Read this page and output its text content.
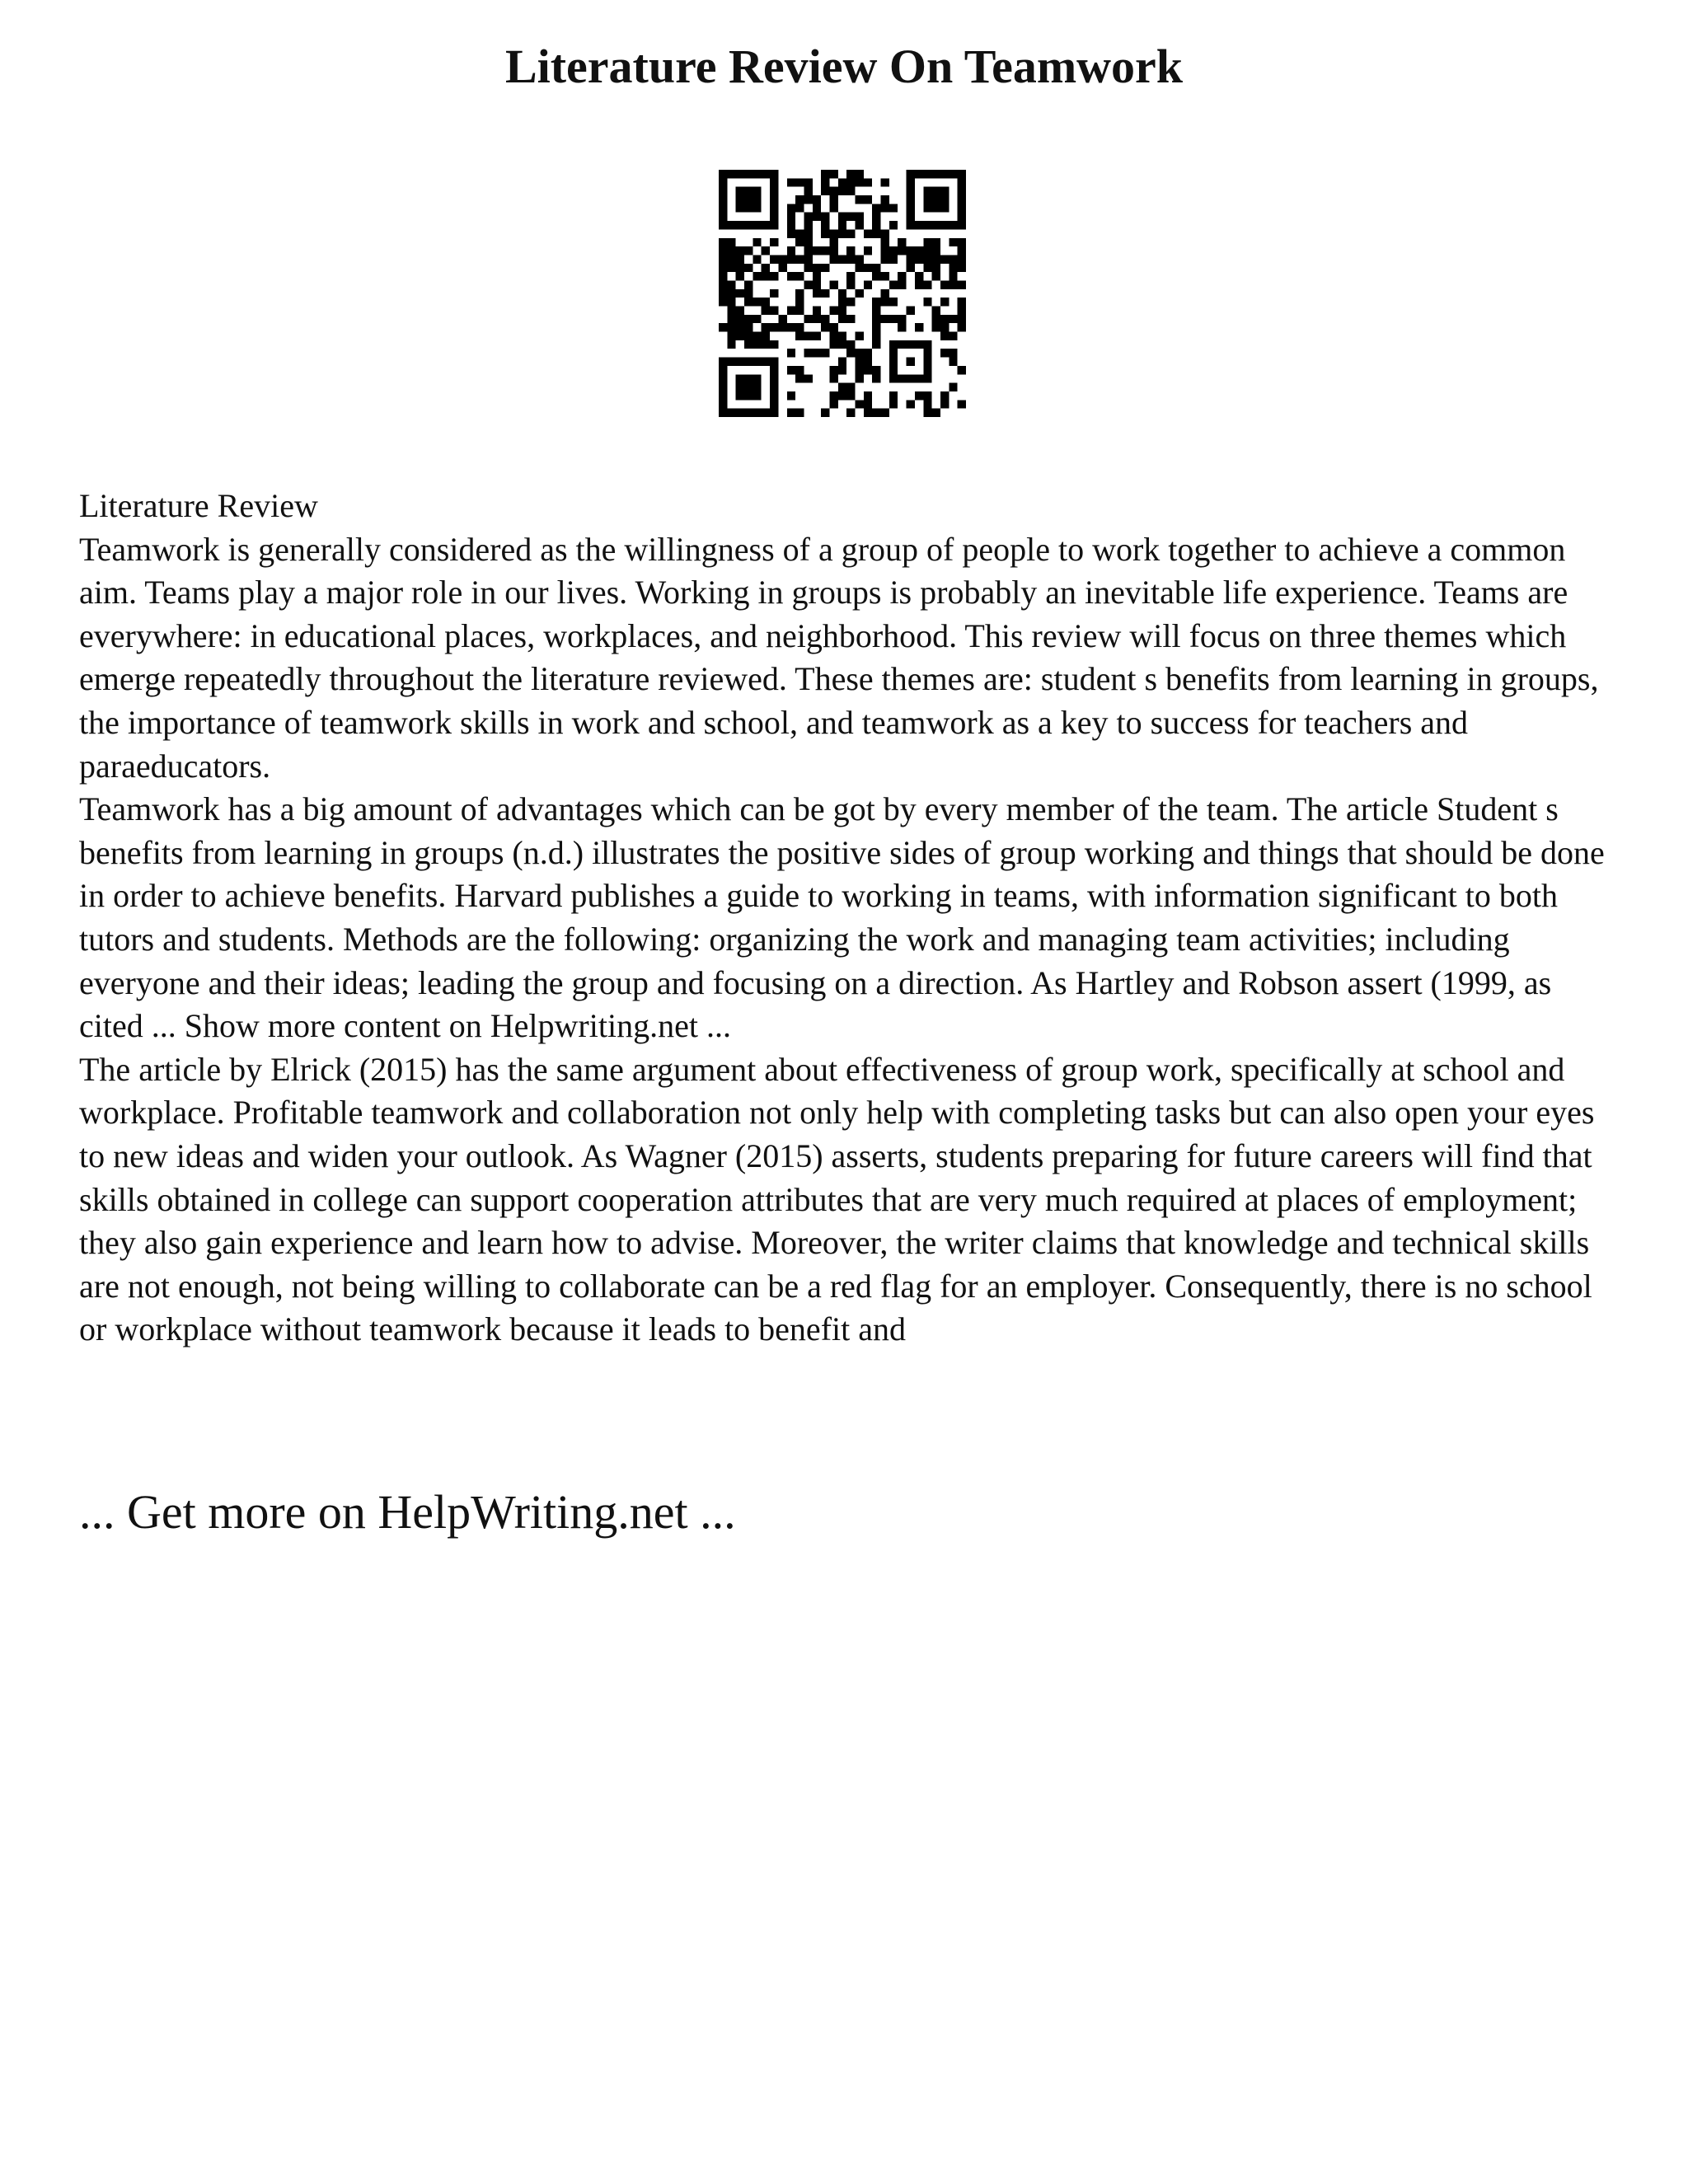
Literature Review On Teamwork

Literature Review

Teamwork is generally considered as the willingness of a group of people to work together to achieve a common aim. Teams play a major role in our lives. Working in groups is probably an inevitable life experience. Teams are everywhere: in educational places, workplaces, and neighborhood. This review will focus on three themes which emerge repeatedly throughout the literature reviewed. These themes are: student s benefits from learning in groups, the importance of teamwork skills in work and school, and teamwork as a key to success for teachers and paraeducators.

Teamwork has a big amount of advantages which can be got by every member of the team. The article Student s benefits from learning in groups (n.d.) illustrates the positive sides of group working and things that should be done in order to achieve benefits. Harvard publishes a guide to working in teams, with information significant to both tutors and students. Methods are the following: organizing the work and managing team activities; including everyone and their ideas; leading the group and focusing on a direction. As Hartley and Robson assert (1999, as cited ... Show more content on Helpwriting.net ...

The article by Elrick (2015) has the same argument about effectiveness of group work, specifically at school and workplace. Profitable teamwork and collaboration not only help with completing tasks but can also open your eyes to new ideas and widen your outlook. As Wagner (2015) asserts, students preparing for future careers will find that skills obtained in college can support cooperation attributes that are very much required at places of employment; they also gain experience and learn how to advise. Moreover, the writer claims that knowledge and technical skills are not enough, not being willing to collaborate can be a red flag for an employer. Consequently, there is no school or workplace without teamwork because it leads to benefit and

... Get more on HelpWriting.net ...
